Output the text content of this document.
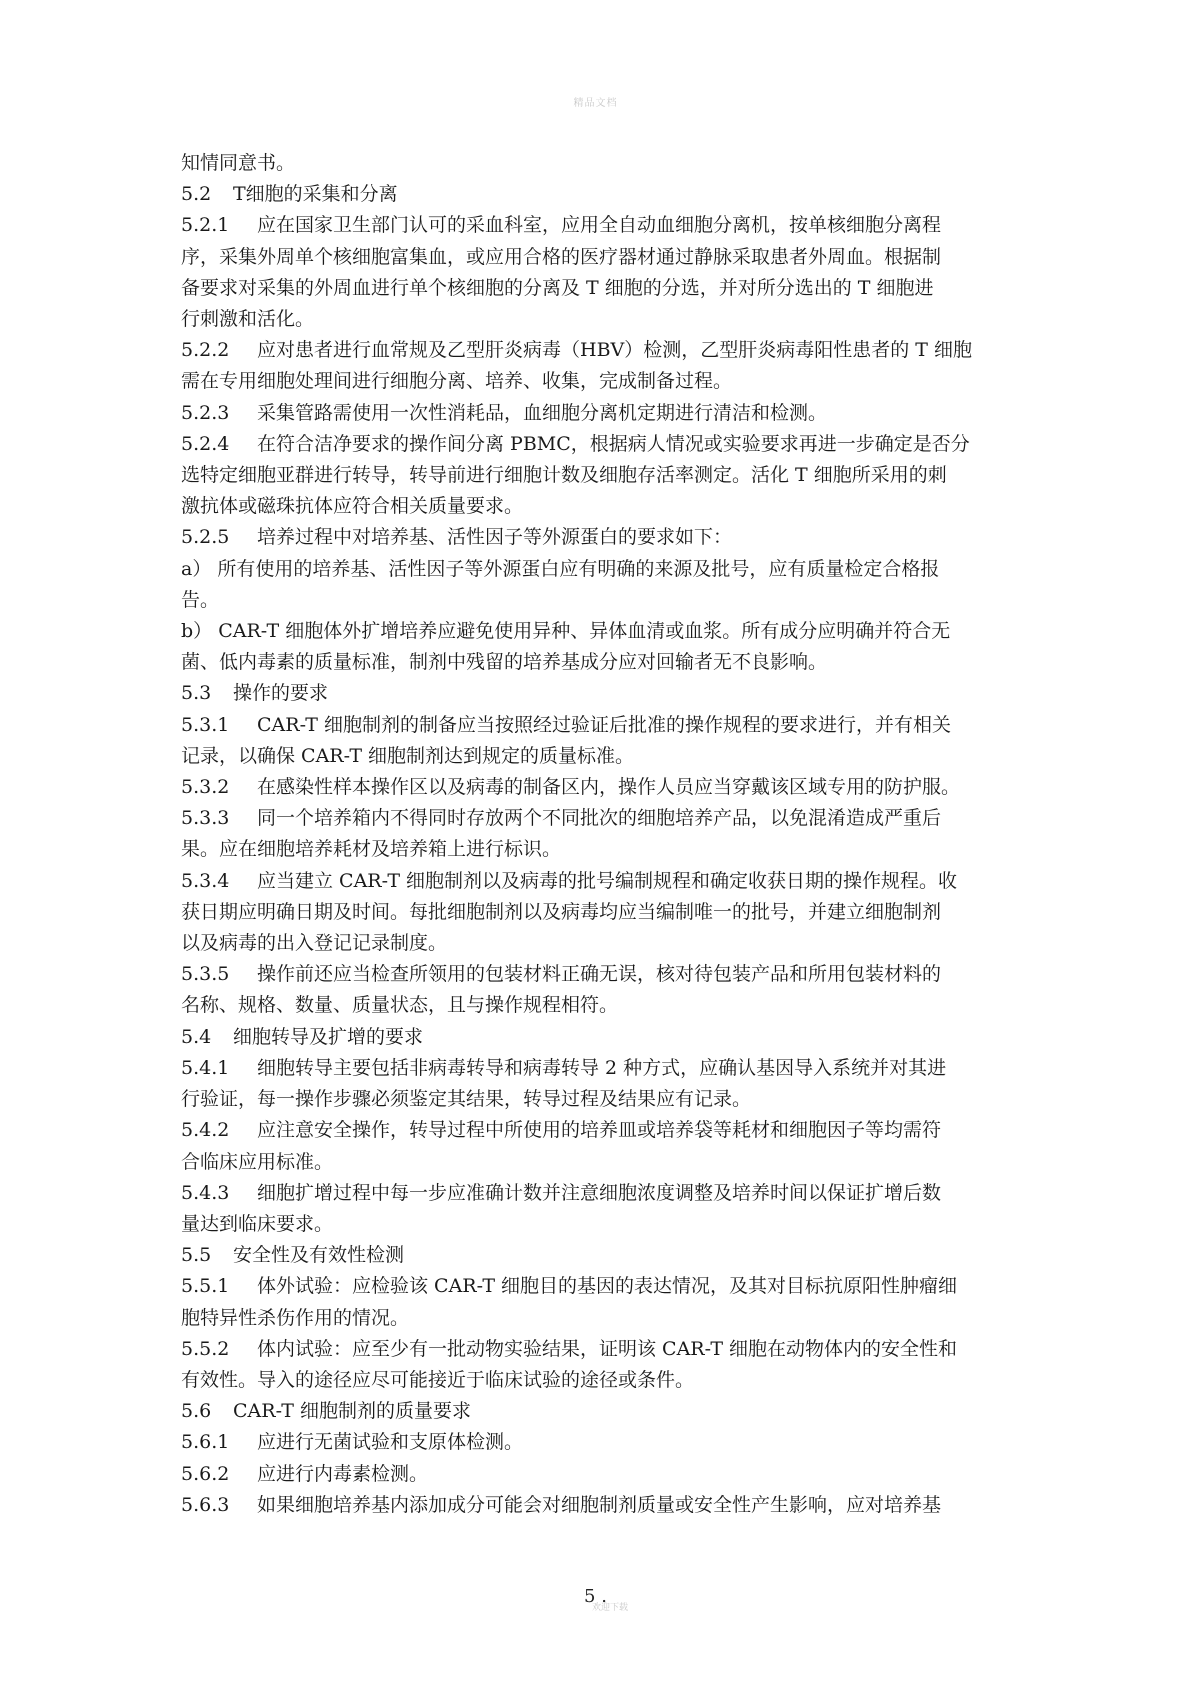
精品文档
知情同意书。
5.2 T细胞的采集和分离
5.2.1 应在国家卫生部门认可的采血科室，应用全自动血细胞分离机，按单核细胞分离程
序，采集外周单个核细胞富集血，或应用合格的医疗器材通过静脉采取患者外周血。根据制
备要求对采集的外周血进行单个核细胞的分离及 T 细胞的分选，并对所分选出的 T 细胞进
行刺激和活化。
5.2.2 应对患者进行血常规及乙型肝炎病毒（HBV）检测，乙型肝炎病毒阳性患者的 T 细胞
需在专用细胞处理间进行细胞分离、培养、收集，完成制备过程。
5.2.3 采集管路需使用一次性消耗品，血细胞分离机定期进行清洁和检测。
5.2.4 在符合洁净要求的操作间分离 PBMC，根据病人情况或实验要求再进一步确定是否分
选特定细胞亚群进行转导，转导前进行细胞计数及细胞存活率测定。活化 T 细胞所采用的刺
激抗体或磁珠抗体应符合相关质量要求。
5.2.5 培养过程中对培养基、活性因子等外源蛋白的要求如下：
a） 所有使用的培养基、活性因子等外源蛋白应有明确的来源及批号，应有质量检定合格报
告。
b） CAR-T 细胞体外扩增培养应避免使用异种、异体血清或血浆。所有成分应明确并符合无
菌、低内毒素的质量标准，制剂中残留的培养基成分应对回输者无不良影响。
5.3 操作的要求
5.3.1 CAR-T 细胞制剂的制备应当按照经过验证后批准的操作规程的要求进行，并有相关
记录，以确保 CAR-T 细胞制剂达到规定的质量标准。
5.3.2 在感染性样本操作区以及病毒的制备区内，操作人员应当穿戴该区域专用的防护服。
5.3.3 同一个培养箱内不得同时存放两个不同批次的细胞培养产品，以免混淆造成严重后
果。应在细胞培养耗材及培养箱上进行标识。
5.3.4 应当建立 CAR-T 细胞制剂以及病毒的批号编制规程和确定收获日期的操作规程。收
获日期应明确日期及时间。每批细胞制剂以及病毒均应当编制唯一的批号，并建立细胞制剂
以及病毒的出入登记记录制度。
5.3.5 操作前还应当检查所领用的包装材料正确无误，核对待包装产品和所用包装材料的
名称、规格、数量、质量状态，且与操作规程相符。
5.4 细胞转导及扩增的要求
5.4.1 细胞转导主要包括非病毒转导和病毒转导 2 种方式，应确认基因导入系统并对其进
行验证，每一操作步骤必须鉴定其结果，转导过程及结果应有记录。
5.4.2 应注意安全操作，转导过程中所使用的培养皿或培养袋等耗材和细胞因子等均需符
合临床应用标准。
5.4.3 细胞扩增过程中每一步应准确计数并注意细胞浓度调整及培养时间以保证扩增后数
量达到临床要求。
5.5 安全性及有效性检测
5.5.1 体外试验：应检验该 CAR-T 细胞目的基因的表达情况，及其对目标抗原阳性肿瘤细
胞特异性杀伤作用的情况。
5.5.2 体内试验：应至少有一批动物实验结果，证明该 CAR-T 细胞在动物体内的安全性和
有效性。导入的途径应尽可能接近于临床试验的途径或条件。
5.6 CAR-T 细胞制剂的质量要求
5.6.1 应进行无菌试验和支原体检测。
5.6.2 应进行内毒素检测。
5.6.3 如果细胞培养基内添加成分可能会对细胞制剂质量或安全性产生影响，应对培养基
5 .
欢迎下载
